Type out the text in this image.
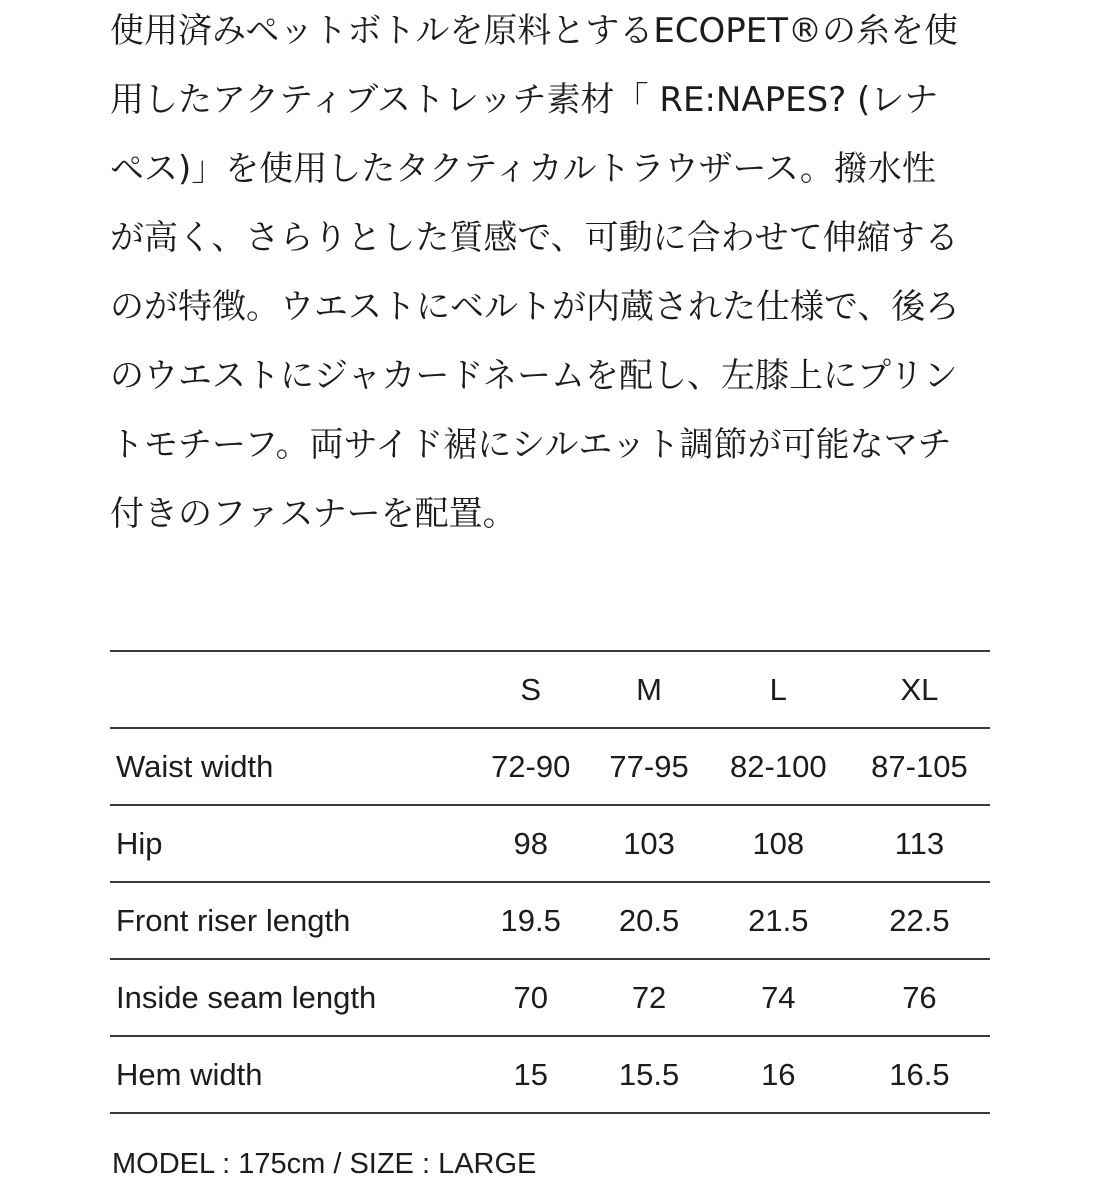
使用済みペットボトルを原料とするECOPET®の糸を使
用したアクティブストレッチ素材「 RE:NAPES? (レナ
ペス)」を使用したタクティカルトラウザース。撥水性
が高く、さらりとした質感で、可動に合わせて伸縮する
のが特徴。ウエストにベルトが内蔵された仕様で、後ろ
のウエストにジャカードネームを配し、左膝上にプリン
トモチーフ。両サイド裾にシルエット調節が可能なマチ
付きのファスナーを配置。
	S	M	L	XL
Waist width	72-90	77-95	82-100	87-105
Hip	98	103	108	113
Front riser length	19.5	20.5	21.5	22.5
Inside seam length	70	72	74	76
Hem width	15	15.5	16	16.5
MODEL : 175cm / SIZE : LARGE
